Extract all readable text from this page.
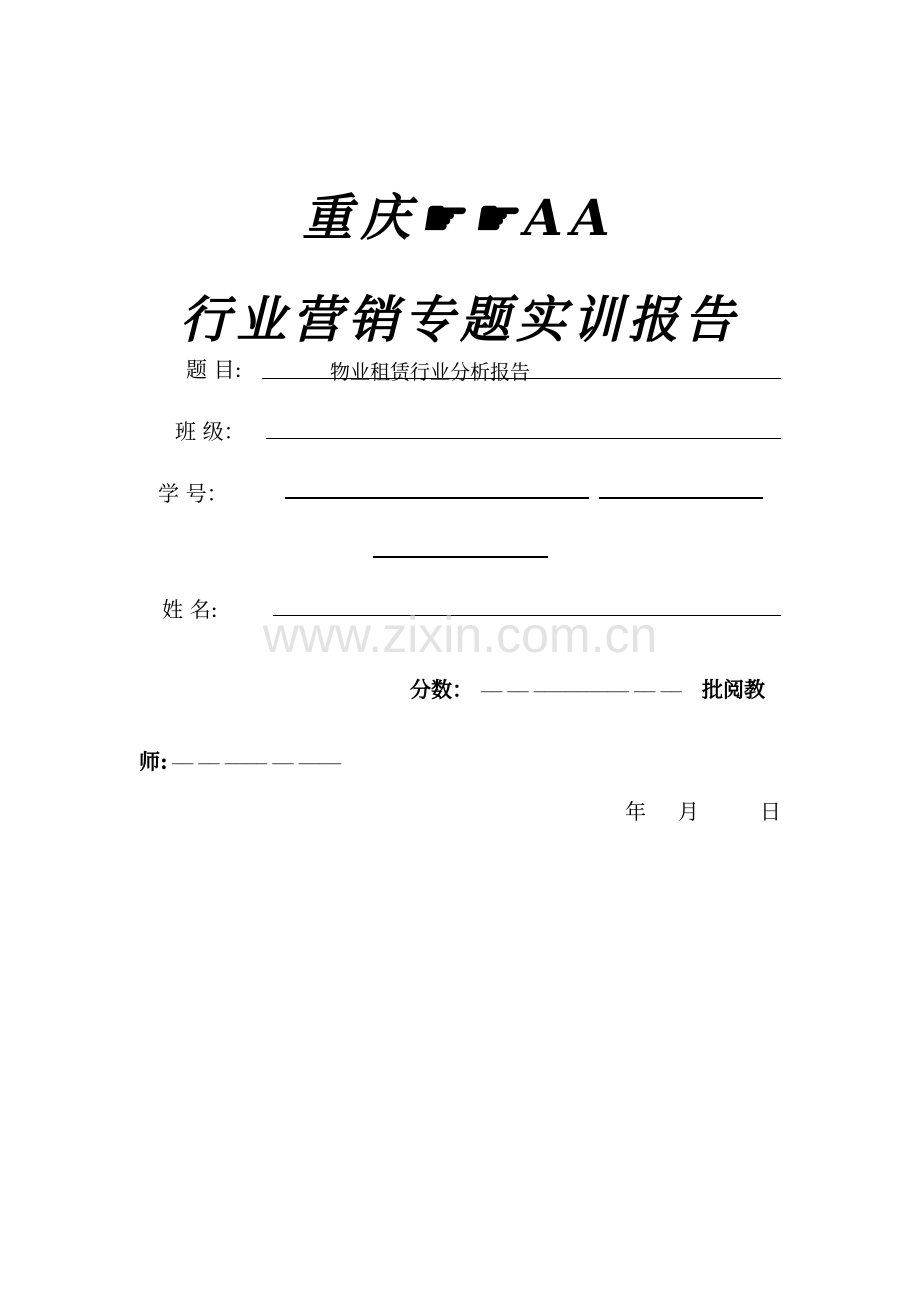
重庆☛☛AA
行业营销专题实训报告
题 目:	物业租赁行业分析报告
班 级：
学 号：
姓 名: www.zixin.com.cn
分数： __ __ _________ __ __ 批阅教
师: __ __ ____ __ ____
年 月	日
